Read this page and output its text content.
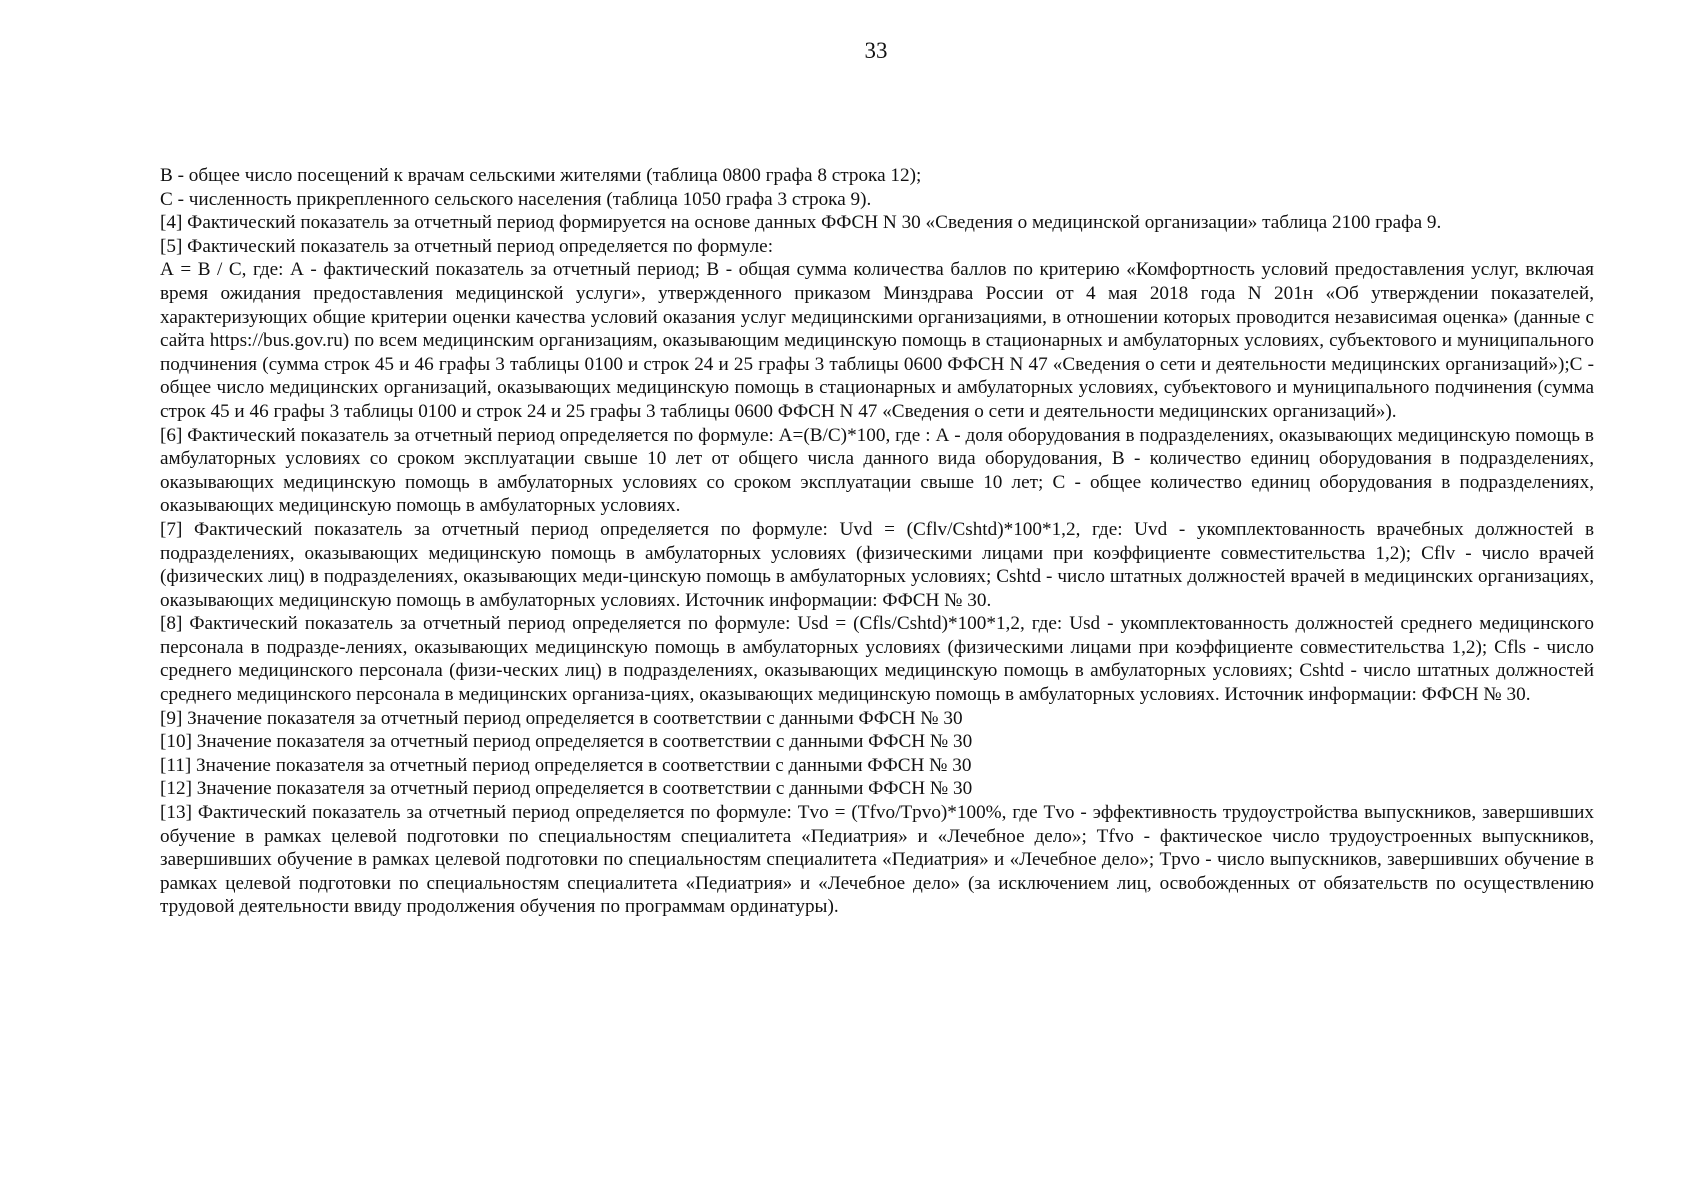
33

В - общее число посещений к врачам сельскими жителями (таблица 0800 графа 8 строка 12);

С - численность прикрепленного сельского населения (таблица 1050 графа 3 строка 9).

[4] Фактический показатель за отчетный период формируется на основе данных ФФСН N 30 «Сведения о медицинской организации» таблица 2100 графа 9.

[5] Фактический показатель за отчетный период определяется по формуле:

А = В / С, где: А - фактический показатель за отчетный период; В - общая сумма количества баллов по критерию «Комфортность условий предоставления услуг, включая время ожидания предоставления медицинской услуги», утвержденного приказом Минздрава России от 4 мая 2018 года N 201н «Об утверждении показателей, характеризующих общие критерии оценки качества условий оказания услуг медицинскими организациями, в отношении которых проводится независимая оценка» (данные с сайта https://bus.gov.ru) по всем медицинским организациям, оказывающим медицинскую помощь в стационарных и амбулаторных условиях, субъектового и муниципального подчинения (сумма строк 45 и 46 графы 3 таблицы 0100 и строк 24 и 25 графы 3 таблицы 0600 ФФСН N 47 «Сведения о сети и деятельности медицинских организаций»);С - общее число медицинских организаций, оказывающих медицинскую помощь в стационарных и амбулаторных условиях, субъектового и муниципального подчинения (сумма строк 45 и 46 графы 3 таблицы 0100 и строк 24 и 25 графы 3 таблицы 0600 ФФСН N 47 «Сведения о сети и деятельности медицинских организаций»).

[6] Фактический показатель за отчетный период определяется по формуле: А=(В/С)*100, где : А - доля оборудования в подразделениях, оказывающих медицинскую помощь в амбулаторных условиях со сроком эксплуатации свыше 10 лет от общего числа данного вида оборудования, В - количество единиц оборудования в подразделениях, оказывающих медицинскую помощь в амбулаторных условиях со сроком эксплуатации свыше 10 лет; С - общее количество единиц оборудования в подразделениях, оказывающих медицинскую помощь в амбулаторных условиях.

[7] Фактический показатель за отчетный период определяется по формуле: Uvd = (Cflv/Cshtd)*100*1,2, где: Uvd - укомплектованность врачебных должностей в подразделениях, оказывающих медицинскую помощь в амбулаторных условиях (физическими лицами при коэффициенте совместительства 1,2); Cflv - число врачей (физических лиц) в подразделениях, оказывающих меди-цинскую помощь в амбулаторных условиях; Cshtd - число штатных должностей врачей в медицинских организациях, оказывающих медицинскую помощь в амбулаторных условиях. Источник информации: ФФСН № 30.

[8] Фактический показатель за отчетный период определяется по формуле: Usd = (Cfls/Cshtd)*100*1,2, где: Usd - укомплектованность должностей среднего медицинского персонала в подразде-лениях, оказывающих медицинскую помощь в амбулаторных условиях (физическими лицами при коэффициенте совместительства 1,2); Cfls - число среднего медицинского персонала (физи-ческих лиц) в подразделениях, оказывающих медицинскую помощь в амбулаторных условиях; Cshtd - число штатных должностей среднего медицинского персонала в медицинских организа-циях, оказывающих медицинскую помощь в амбулаторных условиях. Источник информации: ФФСН № 30.

[9] Значение показателя за отчетный период определяется в соответствии с данными ФФСН № 30

[10] Значение показателя за отчетный период определяется в соответствии с данными ФФСН № 30

[11] Значение показателя за отчетный период определяется в соответствии с данными ФФСН № 30

[12] Значение показателя за отчетный период определяется в соответствии с данными ФФСН № 30

[13] Фактический показатель за отчетный период определяется по формуле: Tvo = (Tfvo/Tpvo)*100%, где Tvo - эффективность трудоустройства выпускников, завершивших обучение в рамках целевой подготовки по специальностям специалитета «Педиатрия» и «Лечебное дело»; Tfvo - фактическое число трудоустроенных выпускников, завершивших обучение в рамках целевой подготовки по специальностям специалитета «Педиатрия» и «Лечебное дело»; Tpvo - число выпускников, завершивших обучение в рамках целевой подготовки по специальностям специалитета «Педиатрия» и «Лечебное дело» (за исключением лиц, освобожденных от обязательств по осуществлению трудовой деятельности ввиду продолжения обучения по программам ординатуры).
